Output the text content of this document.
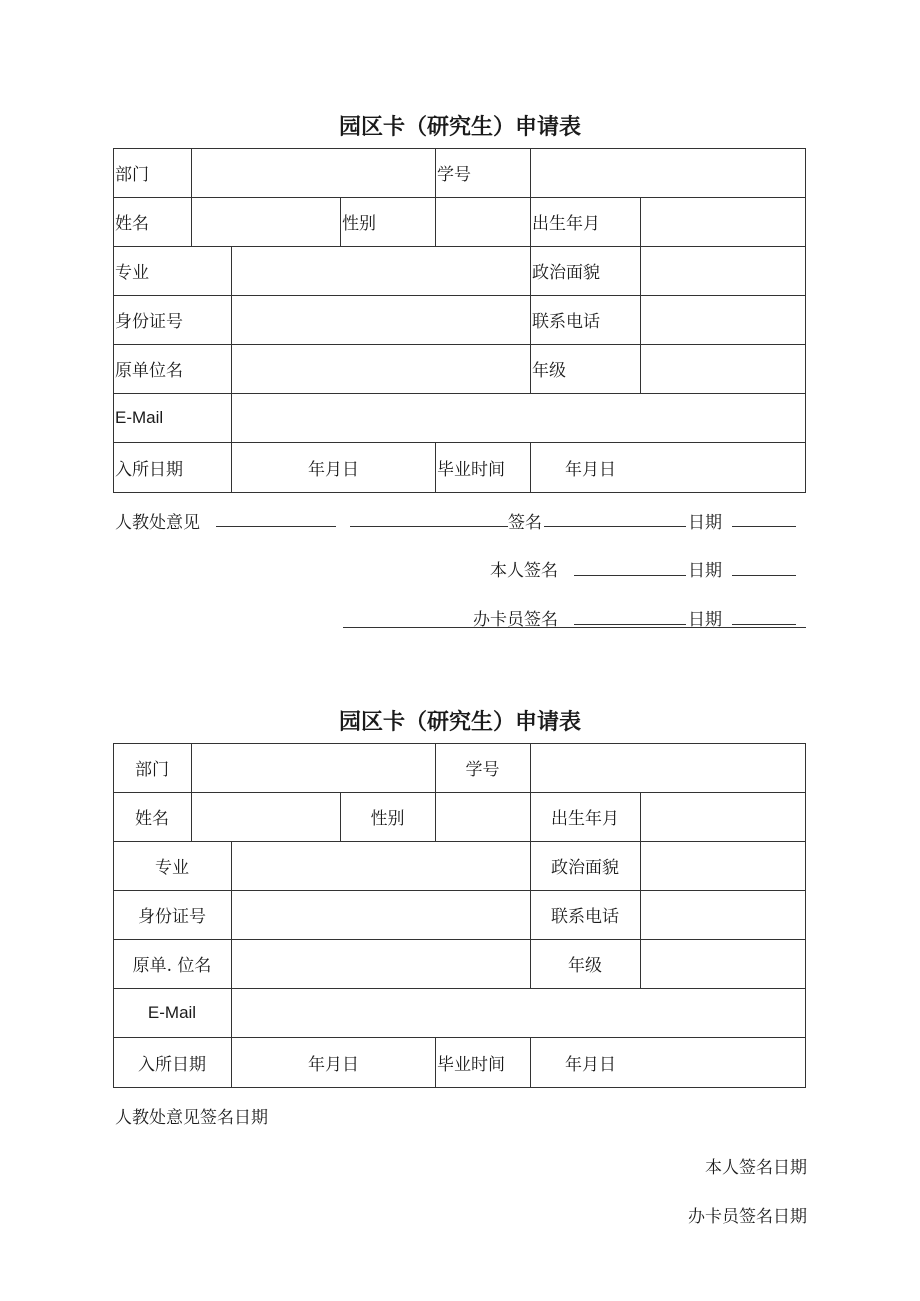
园区卡（研究生）申请表
部门	学号
姓名	性别	出生年月
专业	政治面貌
身份证号	联系电话
原单位名	年级
E-Mail
入所日期	年月日	毕业时间	年月日
人教处意见	签名	日期
本人签名	日期
办卡员签名	日期
园区卡（研究生）申请表
部门	学号
姓名	性别	出生年月
专业	政治面貌
身份证号	联系电话
原单. 位名	年级
E-Mail
入所日期	年月日	毕业时间	年月日
人教处意见签名日期
本人签名日期
办卡员签名日期
